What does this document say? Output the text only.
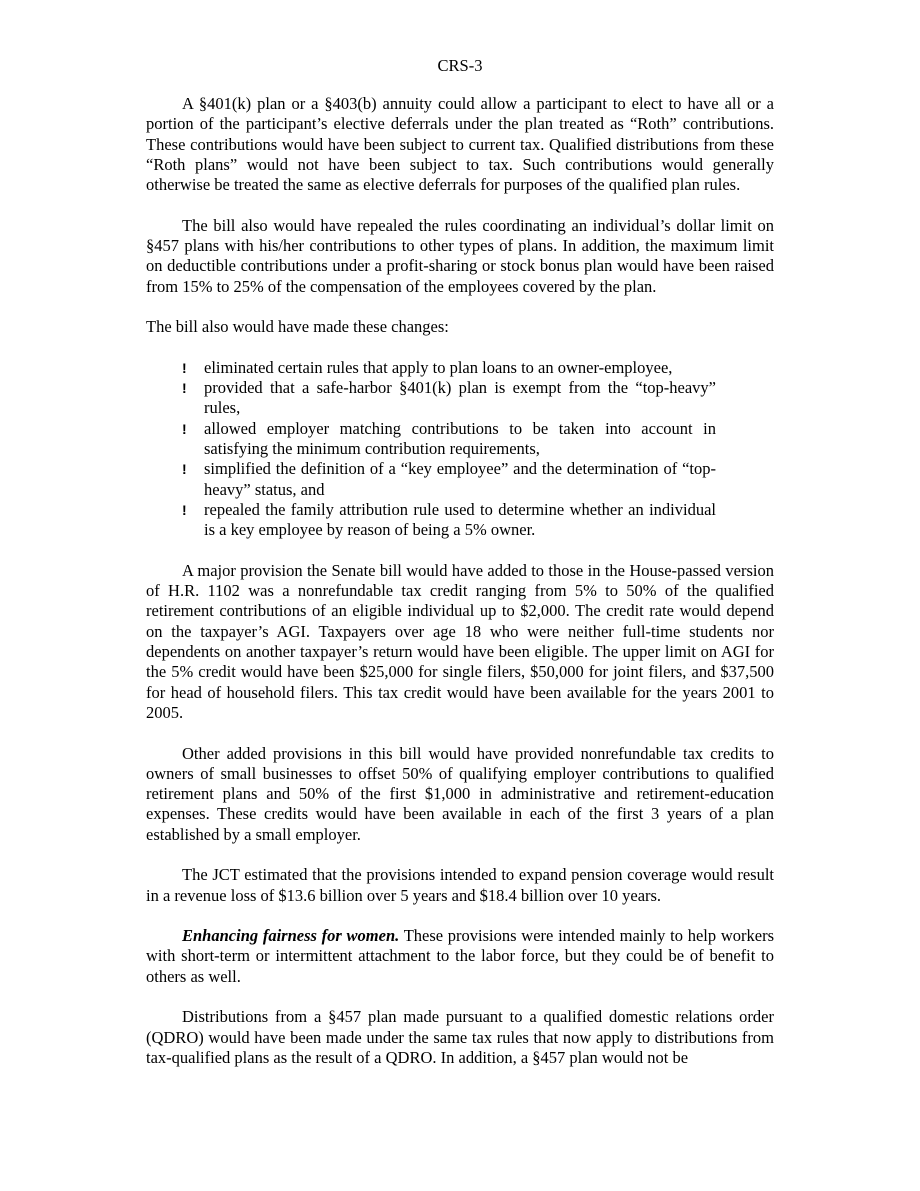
CRS-3

A §401(k) plan or a §403(b) annuity could allow a participant to elect to have all or a portion of the participant’s elective deferrals under the plan treated as “Roth” contributions. These contributions would have been subject to current tax. Qualified distributions from these “Roth plans” would not have been subject to tax. Such contributions would generally otherwise be treated the same as elective deferrals for purposes of the qualified plan rules.

The bill also would have repealed the rules coordinating an individual’s dollar limit on §457 plans with his/her contributions to other types of plans. In addition, the maximum limit on deductible contributions under a profit-sharing or stock bonus plan would have been raised from 15% to 25% of the compensation of the employees covered by the plan.

The bill also would have made these changes:

! eliminated certain rules that apply to plan loans to an owner-employee,
! provided that a safe-harbor §401(k) plan is exempt from the “top-heavy” rules,
! allowed employer matching contributions to be taken into account in satisfying the minimum contribution requirements,
! simplified the definition of a “key employee” and the determination of “top-heavy” status, and
! repealed the family attribution rule used to determine whether an individual is a key employee by reason of being a 5% owner.

A major provision the Senate bill would have added to those in the House-passed version of H.R. 1102 was a nonrefundable tax credit ranging from 5% to 50% of the qualified retirement contributions of an eligible individual up to $2,000. The credit rate would depend on the taxpayer’s AGI. Taxpayers over age 18 who were neither full-time students nor dependents on another taxpayer’s return would have been eligible. The upper limit on AGI for the 5% credit would have been $25,000 for single filers, $50,000 for joint filers, and $37,500 for head of household filers. This tax credit would have been available for the years 2001 to 2005.

Other added provisions in this bill would have provided nonrefundable tax credits to owners of small businesses to offset 50% of qualifying employer contributions to qualified retirement plans and 50% of the first $1,000 in administrative and retirement-education expenses. These credits would have been available in each of the first 3 years of a plan established by a small employer.

The JCT estimated that the provisions intended to expand pension coverage would result in a revenue loss of $13.6 billion over 5 years and $18.4 billion over 10 years.

Enhancing fairness for women. These provisions were intended mainly to help workers with short-term or intermittent attachment to the labor force, but they could be of benefit to others as well.

Distributions from a §457 plan made pursuant to a qualified domestic relations order (QDRO) would have been made under the same tax rules that now apply to distributions from tax-qualified plans as the result of a QDRO. In addition, a §457 plan would not be
